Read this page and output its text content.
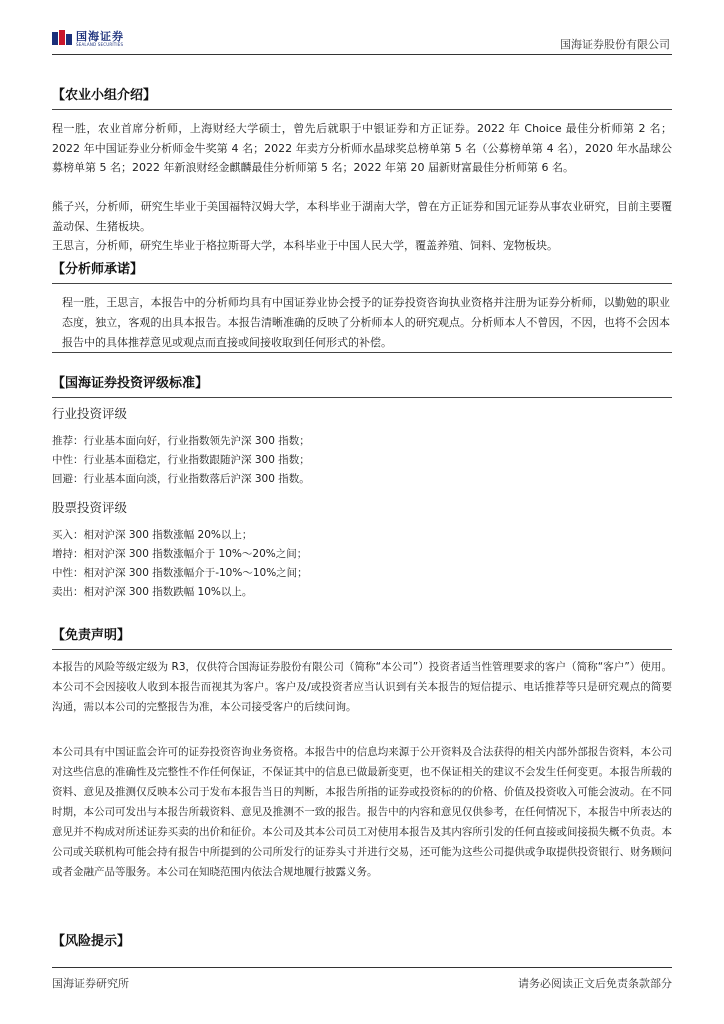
国海证券
SEALAND SECURITIES	国海证券股份有限公司
【农业小组介绍】

程一胜，农业首席分析师，上海财经大学硕士，曾先后就职于中银证券和方正证券。2022 年 Choice 最佳分析师第 2 名；2022 年中国证券业分析师金牛奖第 4 名；2022 年卖方分析师水晶球奖总榜单第 5 名（公募榜单第 4 名），2020 年水晶球公募榜单第 5 名；2022 年新浪财经金麒麟最佳分析师第 5 名；2022 年第 20 届新财富最佳分析师第 6 名。

熊子兴，分析师，研究生毕业于美国福特汉姆大学，本科毕业于湖南大学，曾在方正证券和国元证券从事农业研究，目前主要覆盖动保、生猪板块。

王思言，分析师，研究生毕业于格拉斯哥大学，本科毕业于中国人民大学，覆盖养殖、饲料、宠物板块。

【分析师承诺】

程一胜，王思言，本报告中的分析师均具有中国证券业协会授予的证券投资咨询执业资格并注册为证券分析师，以勤勉的职业态度，独立，客观的出具本报告。本报告清晰准确的反映了分析师本人的研究观点。分析师本人不曾因，不因，也将不会因本报告中的具体推荐意见或观点而直接或间接收取到任何形式的补偿。

【国海证券投资评级标准】
行业投资评级
推荐：行业基本面向好，行业指数领先沪深 300 指数；
中性：行业基本面稳定，行业指数跟随沪深 300 指数；
回避：行业基本面向淡，行业指数落后沪深 300 指数。
股票投资评级
买入：相对沪深 300 指数涨幅 20%以上；
增持：相对沪深 300 指数涨幅介于 10%～20%之间；
中性：相对沪深 300 指数涨幅介于-10%～10%之间；
卖出：相对沪深 300 指数跌幅 10%以上。
【免责声明】

本报告的风险等级定级为 R3，仅供符合国海证券股份有限公司（简称“本公司”）投资者适当性管理要求的客户（简称“客户”）使用。本公司不会因接收人收到本报告而视其为客户。客户及/或投资者应当认识到有关本报告的短信提示、电话推荐等只是研究观点的简要沟通，需以本公司的完整报告为准，本公司接受客户的后续问询。

本公司具有中国证监会许可的证券投资咨询业务资格。本报告中的信息均来源于公开资料及合法获得的相关内部外部报告资料，本公司对这些信息的准确性及完整性不作任何保证，不保证其中的信息已做最新变更，也不保证相关的建议不会发生任何变更。本报告所载的资料、意见及推测仅反映本公司于发布本报告当日的判断，本报告所指的证券或投资标的的价格、价值及投资收入可能会波动。在不同时期，本公司可发出与本报告所载资料、意见及推测不一致的报告。报告中的内容和意见仅供参考，在任何情况下，本报告中所表达的意见并不构成对所述证券买卖的出价和征价。本公司及其本公司员工对使用本报告及其内容所引发的任何直接或间接损失概不负责。本公司或关联机构可能会持有报告中所提到的公司所发行的证券头寸并进行交易，还可能为这些公司提供或争取提供投资银行、财务顾问或者金融产品等服务。本公司在知晓范围内依法合规地履行披露义务。

【风险提示】
国海证券研究所	请务必阅读正文后免责条款部分
